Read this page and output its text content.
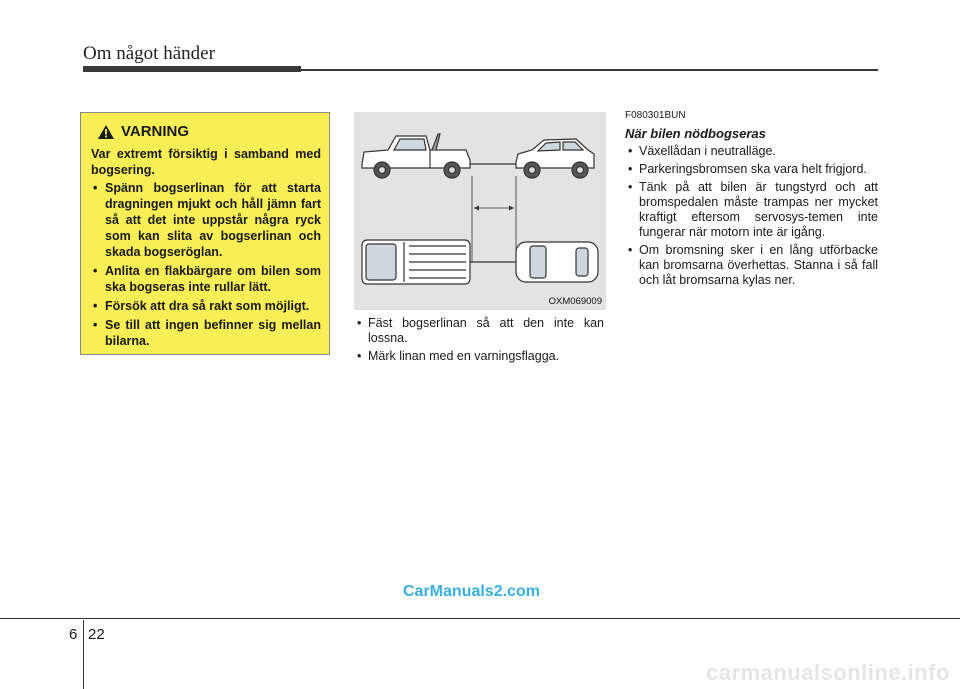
Om något händer
VARNING
Var extremt försiktig i samband med bogsering.
• Spänn bogserlinan för att starta dragningen mjukt och håll jämn fart så att det inte uppstår några ryck som kan slita av bogserlinan och skada bogseröglan.
• Anlita en flakbärgare om bilen som ska bogseras inte rullar lätt.
• Försök att dra så rakt som möjligt.
• Se till att ingen befinner sig mellan bilarna.
OXM069009
• Fäst bogserlinan så att den inte kan lossna.
• Märk linan med en varningsflagga.
F080301BUN
När bilen nödbogseras
• Växellådan i neutralläge.
• Parkeringsbromsen ska vara helt frigjord.
• Tänk på att bilen är tungstyrd och att bromspedalen måste trampas ner mycket kraftigt eftersom servosys-temen inte fungerar när motorn inte är igång.
• Om bromsning sker i en lång utförbacke kan bromsarna överhettas. Stanna i så fall och låt bromsarna kylas ner.
CarManuals2.com
6 22
carmanualsonline.info
